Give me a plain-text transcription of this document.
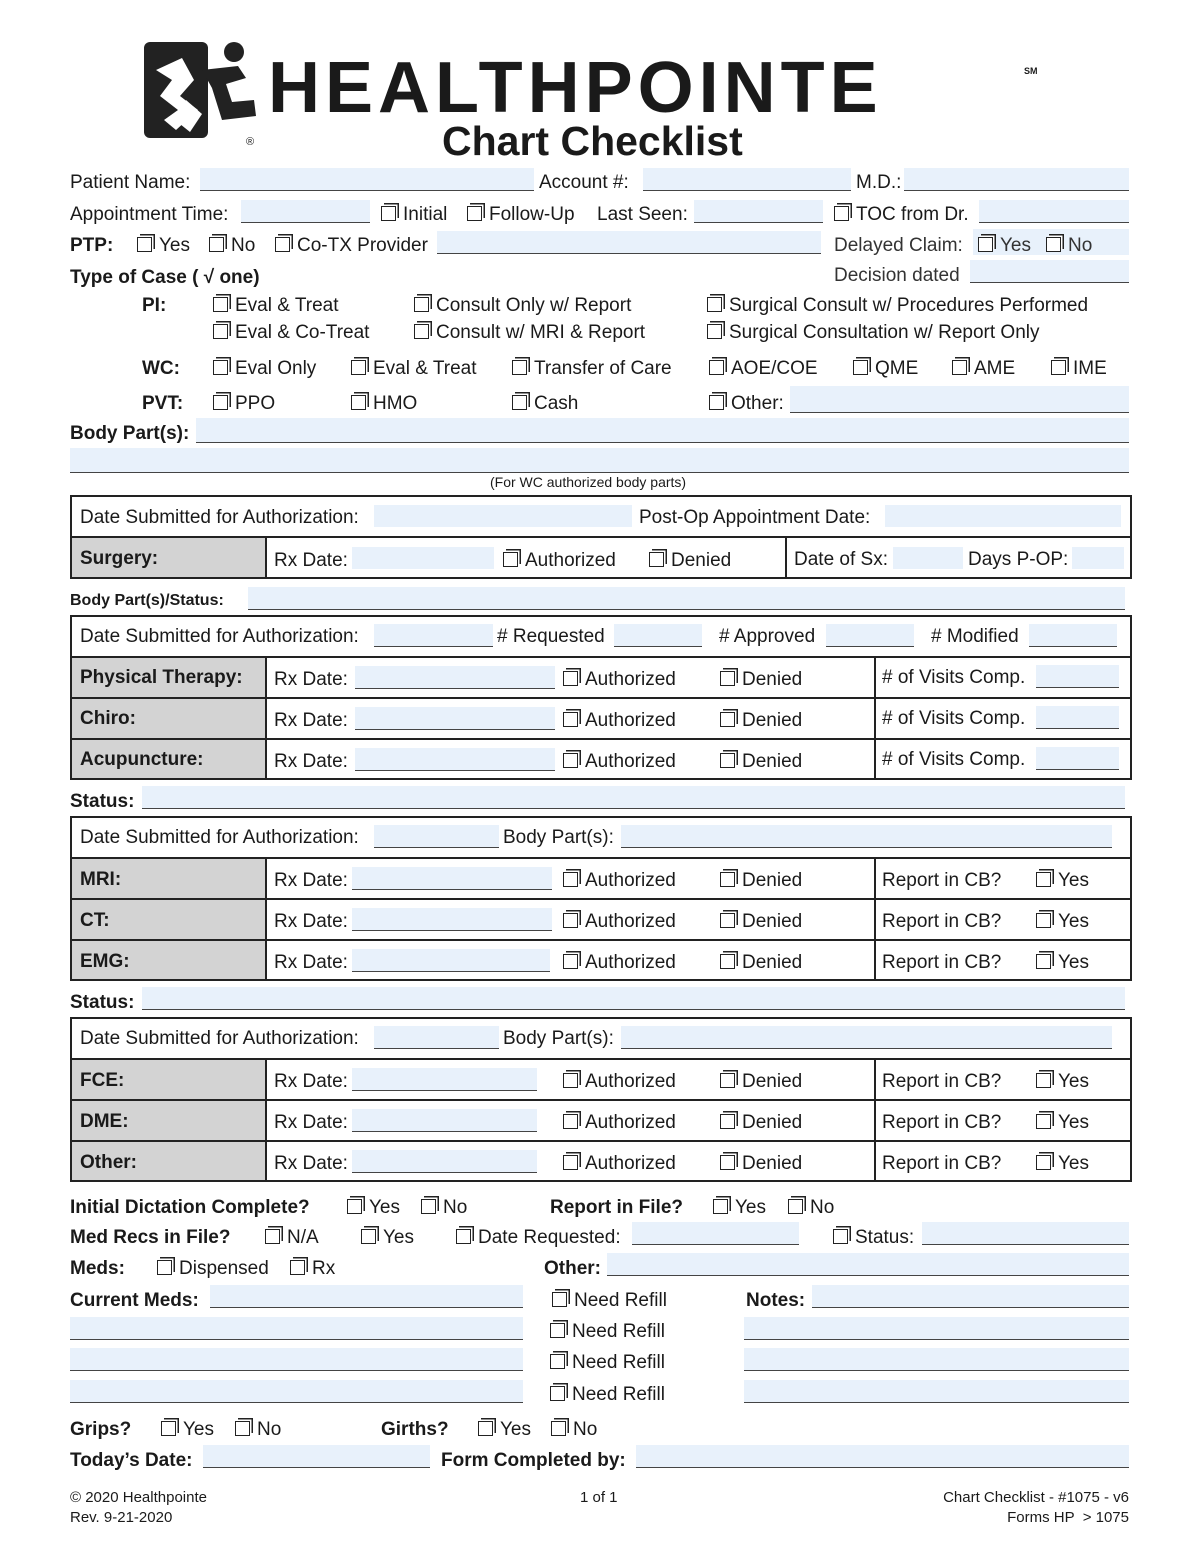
®
HEALTHPOINTE	SM
Chart Checklist
Patient Name:	Account #:	M.D.:
Appointment Time:	Initial	Follow-Up Last Seen:	TOC from Dr.
PTP:	Yes	No	Co-TX Provider	Delayed Claim:	Yes	No
Type of Case ( √ one)	Decision dated
PI:	Eval & Treat	Consult Only w/ Report	Surgical Consult w/ Procedures Performed
Eval & Co-Treat	Consult w/ MRI & Report	Surgical Consultation w/ Report Only
WC:	Eval Only	Eval & Treat	Transfer of Care	AOE/COE	QME	AME	IME
PVT:	PPO	HMO	Cash	Other:
Body Part(s):
(For WC authorized body parts)
Date Submitted for Authorization:	Post-Op Appointment Date:
Surgery:	Rx Date:	Authorized	Denied	Date of Sx:	Days P-OP:
Body Part(s)/Status:
Date Submitted for Authorization:	# Requested	# Approved	# Modified
Physical Therapy: Rx Date:	Authorized	Denied	# of Visits Comp.
Chiro:	Rx Date:	Authorized	Denied	# of Visits Comp.
Acupuncture:	Rx Date:	Authorized	Denied	# of Visits Comp.
Status:
Date Submitted for Authorization:	Body Part(s):
MRI:	Rx Date:	Authorized	Denied	Report in CB?	Yes
CT:	Rx Date:	Authorized	Denied	Report in CB?	Yes
EMG:	Rx Date:	Authorized	Denied	Report in CB?	Yes
Status:
Date Submitted for Authorization:	Body Part(s):
FCE:	Rx Date:	Authorized	Denied	Report in CB?	Yes
DME:	Rx Date:	Authorized	Denied	Report in CB?	Yes
Other:	Rx Date:	Authorized	Denied	Report in CB?	Yes
Initial Dictation Complete?	Yes	No	Report in File?	Yes	No
Med Recs in File?	N/A	Yes	Date Requested:	Status:
Meds:	Dispensed	Rx	Other:
Current Meds:	Need Refill
Need Refill
Need Refill
Need Refill
Notes:
Grips?	Yes	No	Girths?	Yes	No
Today’s Date:	Form Completed by:
© 2020 Healthpointe
Rev. 9-21-2020
1 of 1	Chart Checklist - #1075 - v6
Forms HP  > 1075
